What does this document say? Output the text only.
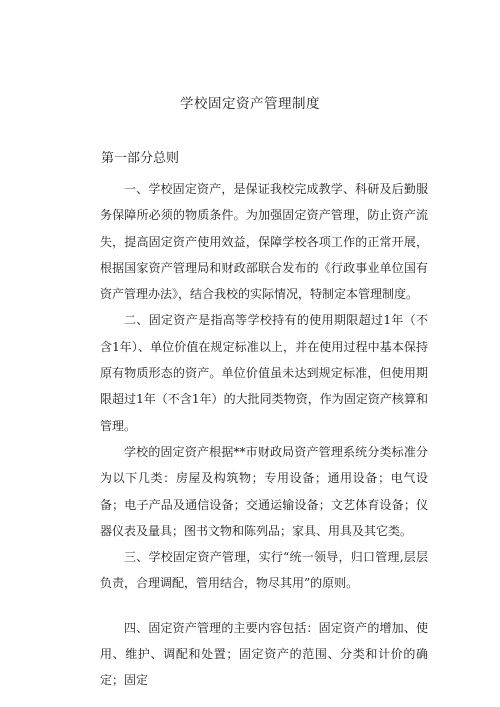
学校固定资产管理制度
第一部分总则

一、学校固定资产，是保证我校完成教学、科研及后勤服务保障所必须的物质条件。为加强固定资产管理，防止资产流失，提高固定资产使用效益，保障学校各项工作的正常开展，根据国家资产管理局和财政部联合发布的《行政事业单位国有资产管理办法》，结合我校的实际情况，特制定本管理制度。

二、固定资产是指高等学校持有的使用期限超过1年（不含1年）、单位价值在规定标准以上，并在使用过程中基本保持原有物质形态的资产。单位价值虽未达到规定标准，但使用期限超过1年（不含1年）的大批同类物资，作为固定资产核算和管理。

学校的固定资产根据**市财政局资产管理系统分类标准分为以下几类：房屋及构筑物；专用设备；通用设备；电气设备；电子产品及通信设备；交通运输设备；文艺体育设备；仪器仪表及量具；图书文物和陈列品；家具、用具及其它类。

三、学校固定资产管理，实行“统一领导，归口管理,层层负责，合理调配，管用结合，物尽其用”的原则。

四、固定资产管理的主要内容包括：固定资产的增加、使用、维护、调配和处置；固定资产的范围、分类和计价的确定；固定
